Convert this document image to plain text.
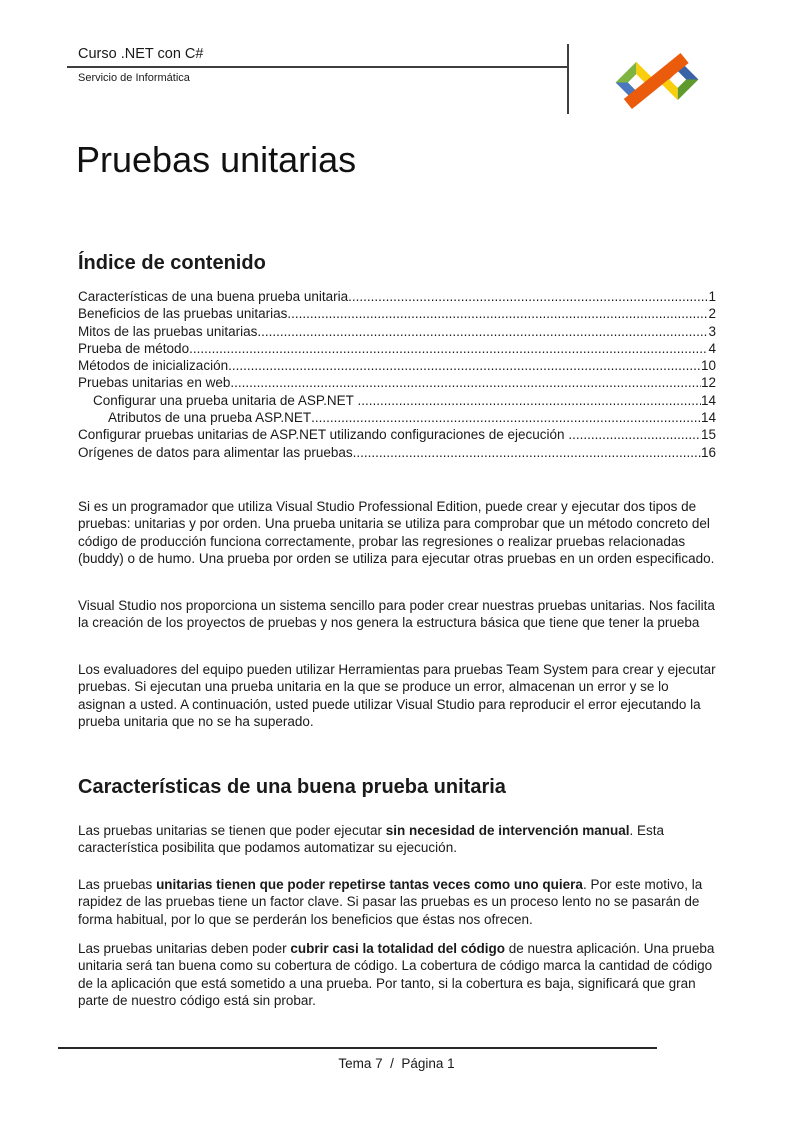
Curso .NET con C#
Servicio de Informática
Pruebas unitarias
Índice de contenido
Características de una buena prueba unitaria .....	1
Beneficios de las pruebas unitarias .....	2
Mitos de las pruebas unitarias .....	3
Prueba de método .....	4
Métodos de inicialización .....	10
Pruebas unitarias en web .....	12
Configurar una prueba unitaria de ASP.NET .....	14
Atributos de una prueba ASP.NET .....	14
Configurar pruebas unitarias de ASP.NET utilizando configuraciones de ejecución .....	15
Orígenes de datos para alimentar las pruebas .....	16

Si es un programador que utiliza Visual Studio Professional Edition, puede crear y ejecutar dos tipos de pruebas: unitarias y por orden. Una prueba unitaria se utiliza para comprobar que un método concreto del código de producción funciona correctamente, probar las regresiones o realizar pruebas relacionadas (buddy) o de humo. Una prueba por orden se utiliza para ejecutar otras pruebas en un orden especificado.

Visual Studio nos proporciona un sistema sencillo para poder crear nuestras pruebas unitarias. Nos facilita la creación de los proyectos de pruebas y nos genera la estructura básica que tiene que tener la prueba

Los evaluadores del equipo pueden utilizar Herramientas para pruebas Team System para crear y ejecutar pruebas. Si ejecutan una prueba unitaria en la que se produce un error, almacenan un error y se lo asignan a usted. A continuación, usted puede utilizar Visual Studio para reproducir el error ejecutando la prueba unitaria que no se ha superado.

Características de una buena prueba unitaria

Las pruebas unitarias se tienen que poder ejecutar sin necesidad de intervención manual. Esta característica posibilita que podamos automatizar su ejecución.

Las pruebas unitarias tienen que poder repetirse tantas veces como uno quiera. Por este motivo, la rapidez de las pruebas tiene un factor clave. Si pasar las pruebas es un proceso lento no se pasarán de forma habitual, por lo que se perderán los beneficios que éstas nos ofrecen.

Las pruebas unitarias deben poder cubrir casi la totalidad del código de nuestra aplicación. Una prueba unitaria será tan buena como su cobertura de código. La cobertura de código marca la cantidad de código de la aplicación que está sometido a una prueba. Por tanto, si la cobertura es baja, significará que gran parte de nuestro código está sin probar.

Tema 7  /  Página 1
